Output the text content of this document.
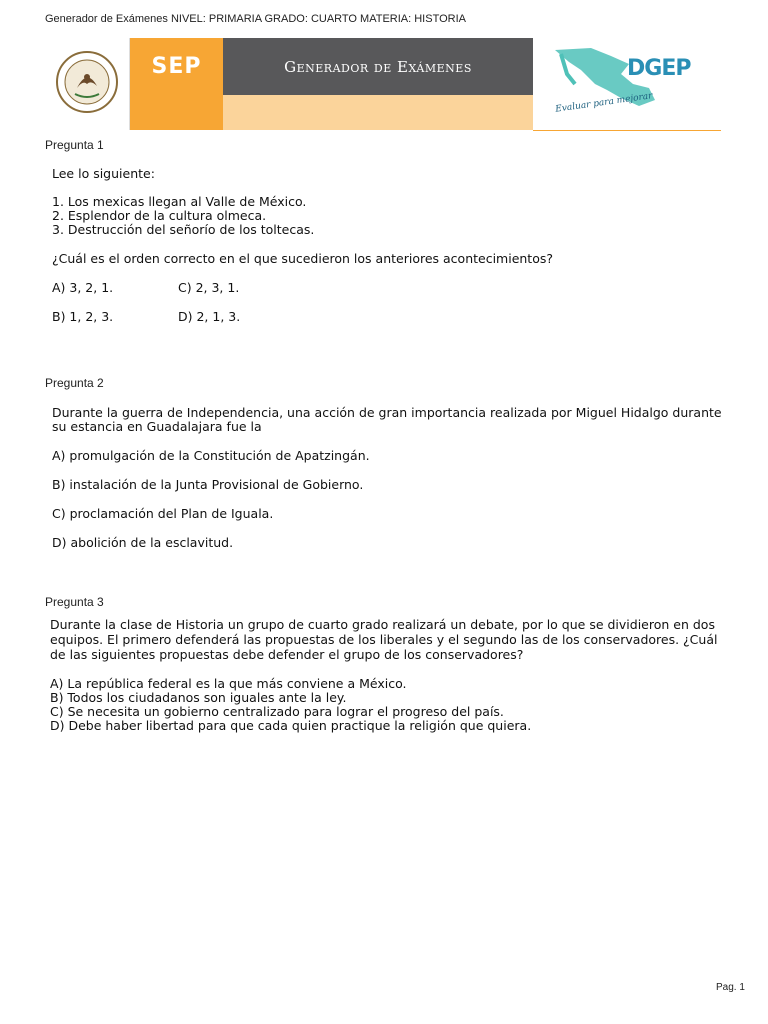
Generador de Exámenes NIVEL: PRIMARIA GRADO: CUARTO MATERIA: HISTORIA
SEP	Generador de Exámenes	DGEP
Evaluar para mejorar
Pregunta 1
Lee lo siguiente:
1. Los mexicas llegan al Valle de México.
2. Esplendor de la cultura olmeca.
3. Destrucción del señorío de los toltecas.
¿Cuál es el orden correcto en el que sucedieron los anteriores acontecimientos?
A) 3, 2, 1.	C) 2, 3, 1.
B) 1, 2, 3.	D) 2, 1, 3.
Pregunta 2
Durante la guerra de Independencia, una acción de gran importancia realizada por Miguel Hidalgo durante
su estancia en Guadalajara fue la
A) promulgación de la Constitución de Apatzingán.
B) instalación de la Junta Provisional de Gobierno.
C) proclamación del Plan de Iguala.
D) abolición de la esclavitud.
Pregunta 3
Durante la clase de Historia un grupo de cuarto grado realizará un debate, por lo que se dividieron en dos
equipos. El primero defenderá las propuestas de los liberales y el segundo las de los conservadores. ¿Cuál
de las siguientes propuestas debe defender el grupo de los conservadores?
A) La república federal es la que más conviene a México.
B) Todos los ciudadanos son iguales ante la ley.
C) Se necesita un gobierno centralizado para lograr el progreso del país.
D) Debe haber libertad para que cada quien practique la religión que quiera.
Pag. 1
